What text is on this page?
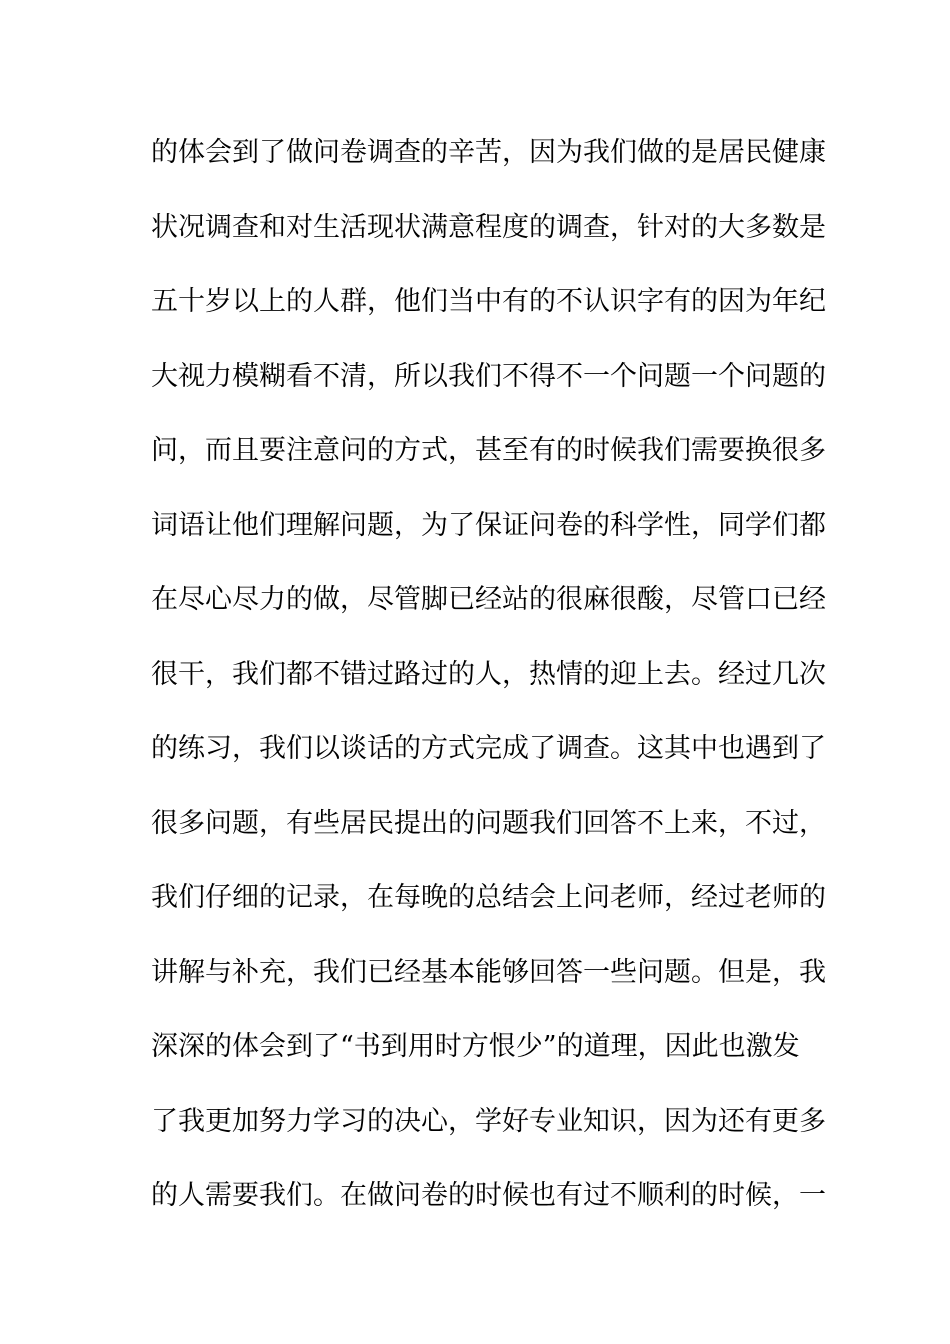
的体会到了做问卷调查的辛苦，因为我们做的是居民健康
状况调查和对生活现状满意程度的调查，针对的大多数是
五十岁以上的人群，他们当中有的不认识字有的因为年纪
大视力模糊看不清，所以我们不得不一个问题一个问题的
问，而且要注意问的方式，甚至有的时候我们需要换很多
词语让他们理解问题，为了保证问卷的科学性，同学们都
在尽心尽力的做，尽管脚已经站的很麻很酸，尽管口已经
很干，我们都不错过路过的人，热情的迎上去。经过几次
的练习，我们以谈话的方式完成了调查。这其中也遇到了
很多问题，有些居民提出的问题我们回答不上来，不过，
我们仔细的记录，在每晚的总结会上问老师，经过老师的
讲解与补充，我们已经基本能够回答一些问题。但是，我
深深的体会到了“书到用时方恨少”的道理，因此也激发
了我更加努力学习的决心，学好专业知识，因为还有更多
的人需要我们。在做问卷的时候也有过不顺利的时候，一
